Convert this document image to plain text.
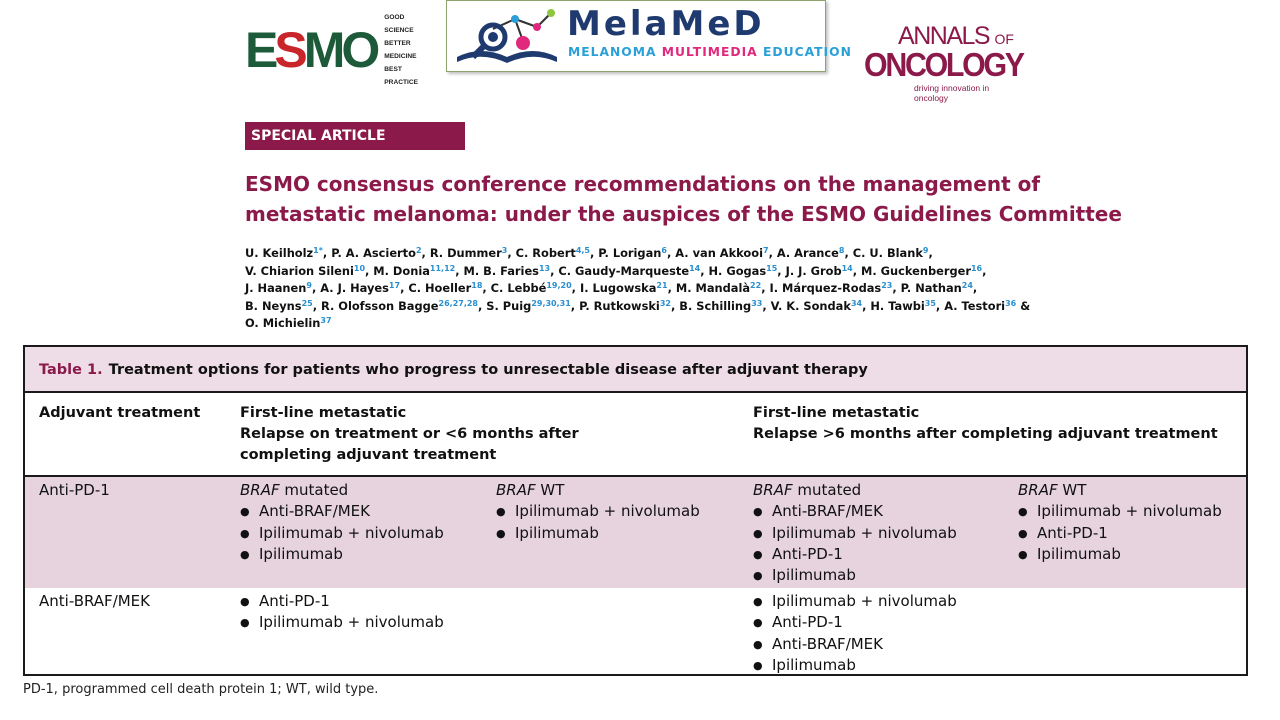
ESMO
GOOD SCIENCE
BETTER MEDICINE
BEST PRACTICE
MelaMeD
MELANOMA MULTIMEDIA EDUCATION
ANNALS OF
ONCOLOGY
driving innovation in oncology
SPECIAL ARTICLE
ESMO consensus conference recommendations on the management of
metastatic melanoma: under the auspices of the ESMO Guidelines Committee
U. Keilholz$^{1*}$, P. A. Ascierto$^2$, R. Dummer$^3$, C. Robert$^{4,5}$, P. Lorigan$^6$, A. van Akkooi$^7$, A. Arance$^8$, C. U. Blank$^9$,
V. Chiarion Sileni$^{10}$, M. Donia$^{11,12}$, M. B. Faries$^{13}$, C. Gaudy-Marqueste$^{14}$, H. Gogas$^{15}$, J. J. Grob$^{14}$, M. Guckenberger$^{16}$,
J. Haanen$^9$, A. J. Hayes$^{17}$, C. Hoeller$^{18}$, C. Lebbé$^{19,20}$, I. Lugowska$^{21}$, M. Mandalà$^{22}$, I. Márquez-Rodas$^{23}$, P. Nathan$^{24}$,
B. Neyns$^{25}$, R. Olofsson Bagge$^{26,27,28}$, S. Puig$^{29,30,31}$, P. Rutkowski$^{32}$, B. Schilling$^{33}$, V. K. Sondak$^{34}$, H. Tawbi$^{35}$, A. Testori$^{36}$ &
O. Michielin$^{37}$
Table 1. Treatment options for patients who progress to unresectable disease after adjuvant therapy
Adjuvant treatment	First-line metastatic
Relapse on treatment or <6 months after
completing adjuvant treatment
First-line metastatic
Relapse >6 months after completing adjuvant treatment
Anti-PD-1	BRAF mutated
● Anti-BRAF/MEK
● Ipilimumab + nivolumab
● Ipilimumab
BRAF WT
● Ipilimumab + nivolumab
● Ipilimumab
BRAF mutated
● Anti-BRAF/MEK
● Ipilimumab + nivolumab
● Anti-PD-1
● Ipilimumab
BRAF WT
● Ipilimumab + nivolumab
● Anti-PD-1
● Ipilimumab
Anti-BRAF/MEK
●	Anti-PD-1
● Ipilimumab + nivolumab
● Ipilimumab + nivolumab
● Anti-PD-1
● Anti-BRAF/MEK
● Ipilimumab
PD-1, programmed cell death protein 1; WT, wild type.
